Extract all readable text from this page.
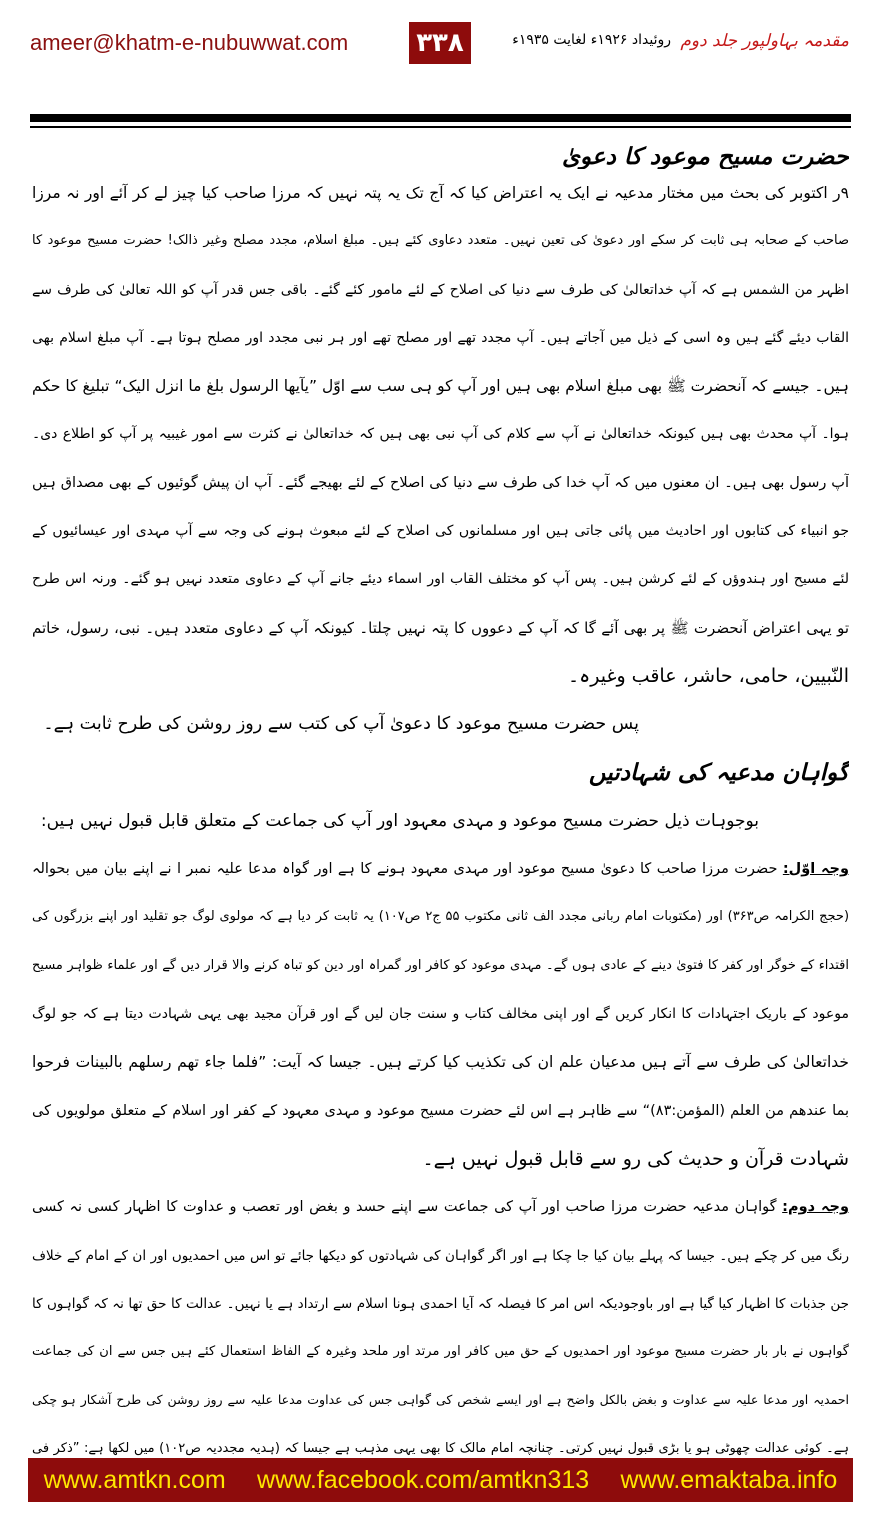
ameer@khatm-e-nubuwwat.com	۳۳۸	روئیداد ۱۹۲۶ء لغایت ۱۹۳۵ء مقدمہ بہاولپور جلد دوم
حضرت مسیح موعود کا دعویٰ
۹ر اکتوبر کی بحث میں مختار مدعیہ نے ایک یہ اعتراض کیا کہ آج تک یہ پتہ نہیں کہ مرزا صاحب کیا چیز لے کر آئے اور نہ مرزا
صاحب کے صحابہ ہی ثابت کر سکے اور دعویٰ کی تعین نہیں۔ متعدد دعاوی کئے ہیں۔ مبلغ اسلام، مجدد مصلح وغیر ذالک! حضرت مسیح موعود کا
اظہر من الشمس ہے کہ آپ خداتعالیٰ کی طرف سے دنیا کی اصلاح کے لئے مامور کئے گئے۔ باقی جس قدر آپ کو اللہ تعالیٰ کی طرف سے
القاب دیئے گئے ہیں وہ اسی کے ذیل میں آجاتے ہیں۔ آپ مجدد تھے اور مصلح تھے اور ہر نبی مجدد اور مصلح ہوتا ہے۔ آپ مبلغ اسلام بھی
ہیں۔ جیسے کہ آنحضرت ﷺ بھی مبلغ اسلام بھی ہیں اور آپ کو ہی سب سے اوّل ”یآیھا الرسول بلغ ما انزل الیک“ تبلیغ کا حکم
ہوا۔ آپ محدث بھی ہیں کیونکہ خداتعالیٰ نے آپ سے کلام کی آپ نبی بھی ہیں کہ خداتعالیٰ نے کثرت سے امور غیبیہ پر آپ کو اطلاع دی۔
آپ رسول بھی ہیں۔ ان معنوں میں کہ آپ خدا کی طرف سے دنیا کی اصلاح کے لئے بھیجے گئے۔ آپ ان پیش گوئیوں کے بھی مصداق ہیں
جو انبیاء کی کتابوں اور احادیث میں پائی جاتی ہیں اور مسلمانوں کی اصلاح کے لئے مبعوث ہونے کی وجہ سے آپ مہدی اور عیسائیوں کے
لئے مسیح اور ہندوؤں کے لئے کرشن ہیں۔ پس آپ کو مختلف القاب اور اسماء دیئے جانے آپ کے دعاوی متعدد نہیں ہو گئے۔ ورنہ اس طرح
تو یہی اعتراض آنحضرت ﷺ پر بھی آئے گا کہ آپ کے دعووں کا پتہ نہیں چلتا۔ کیونکہ آپ کے دعاوی متعدد ہیں۔ نبی، رسول، خاتم
النّبیین، حامی، حاشر، عاقب وغیرہ۔
پس حضرت مسیح موعود کا دعویٰ آپ کی کتب سے روز روشن کی طرح ثابت ہے۔
گواہان مدعیہ کی شہادتیں
بوجوہات ذیل حضرت مسیح موعود و مہدی معہود اور آپ کی جماعت کے متعلق قابل قبول نہیں ہیں:
وجہ اوّل: حضرت مرزا صاحب کا دعویٰ مسیح موعود اور مہدی معہود ہونے کا ہے اور گواہ مدعا علیہ نمبر ا نے اپنے بیان میں بحوالہ
(حجج الکرامہ ص۳۶۳) اور (مکتوبات امام ربانی مجدد الف ثانی مکتوب ۵۵ ج۲ ص۱۰۷) یہ ثابت کر دیا ہے کہ مولوی لوگ جو تقلید اور اپنے بزرگوں کی
اقتداء کے خوگر اور کفر کا فتویٰ دینے کے عادی ہوں گے۔ مہدی موعود کو کافر اور گمراہ اور دین کو تباہ کرنے والا قرار دیں گے اور علماء ظواہر مسیح
موعود کے باریک اجتہادات کا انکار کریں گے اور اپنی مخالف کتاب و سنت جان لیں گے اور قرآن مجید بھی یہی شہادت دیتا ہے کہ جو لوگ
خداتعالیٰ کی طرف سے آتے ہیں مدعیان علم ان کی تکذیب کیا کرتے ہیں۔ جیسا کہ آیت: ”فلما جاء تھم رسلھم بالبینات فرحوا
بما عندھم من العلم (المؤمن:۸۳)“ سے ظاہر ہے اس لئے حضرت مسیح موعود و مہدی معہود کے کفر اور اسلام کے متعلق مولویوں کی
شہادت قرآن و حدیث کی رو سے قابل قبول نہیں ہے۔
وجہ دوم: گواہان مدعیہ حضرت مرزا صاحب اور آپ کی جماعت سے اپنے حسد و بغض اور تعصب و عداوت کا اظہار کسی نہ کسی
رنگ میں کر چکے ہیں۔ جیسا کہ پہلے بیان کیا جا چکا ہے اور اگر گواہان کی شہادتوں کو دیکھا جائے تو اس میں احمدیوں اور ان کے امام کے خلاف
جن جذبات کا اظہار کیا گیا ہے اور باوجودیکہ اس امر کا فیصلہ کہ آیا احمدی ہونا اسلام سے ارتداد ہے یا نہیں۔ عدالت کا حق تھا نہ کہ گواہوں کا
گواہوں نے بار بار حضرت مسیح موعود اور احمدیوں کے حق میں کافر اور مرتد اور ملحد وغیرہ کے الفاظ استعمال کئے ہیں جس سے ان کی جماعت
احمدیہ اور مدعا علیہ سے عداوت و بغض بالکل واضح ہے اور ایسے شخص کی گواہی جس کی عداوت مدعا علیہ سے روز روشن کی طرح آشکار ہو چکی
ہے۔ کوئی عدالت چھوٹی ہو یا بڑی قبول نہیں کرتی۔ چنانچہ امام مالک کا بھی یہی مذہب ہے جیسا کہ (ہدیہ مجددیہ ص۱۰۲) میں لکھا ہے: ”ذکر فی
www.amtkn.com www.facebook.com/amtkn313 www.emaktaba.info
